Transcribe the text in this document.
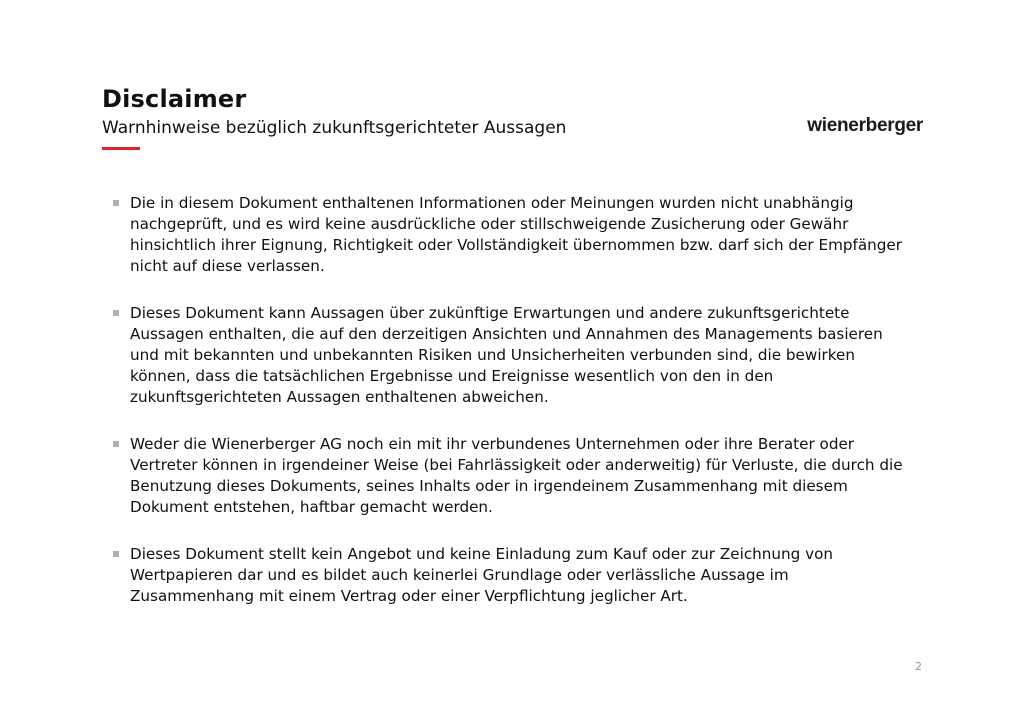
Disclaimer
Warnhinweise bezüglich zukunftsgerichteter Aussagen	wienerberger
Die in diesem Dokument enthaltenen Informationen oder Meinungen wurden nicht unabhängig nachgeprüft, und es wird keine ausdrückliche oder stillschweigende Zusicherung oder Gewähr hinsichtlich ihrer Eignung, Richtigkeit oder Vollständigkeit übernommen bzw. darf sich der Empfänger nicht auf diese verlassen.
Dieses Dokument kann Aussagen über zukünftige Erwartungen und andere zukunftsgerichtete Aussagen enthalten, die auf den derzeitigen Ansichten und Annahmen des Managements basieren und mit bekannten und unbekannten Risiken und Unsicherheiten verbunden sind, die bewirken können, dass die tatsächlichen Ergebnisse und Ereignisse wesentlich von den in den zukunftsgerichteten Aussagen enthaltenen abweichen.
Weder die Wienerberger AG noch ein mit ihr verbundenes Unternehmen oder ihre Berater oder Vertreter können in irgendeiner Weise (bei Fahrlässigkeit oder anderweitig) für Verluste, die durch die Benutzung dieses Dokuments, seines Inhalts oder in irgendeinem Zusammenhang mit diesem Dokument entstehen, haftbar gemacht werden.
Dieses Dokument stellt kein Angebot und keine Einladung zum Kauf oder zur Zeichnung von Wertpapieren dar und es bildet auch keinerlei Grundlage oder verlässliche Aussage im Zusammenhang mit einem Vertrag oder einer Verpflichtung jeglicher Art.
2
